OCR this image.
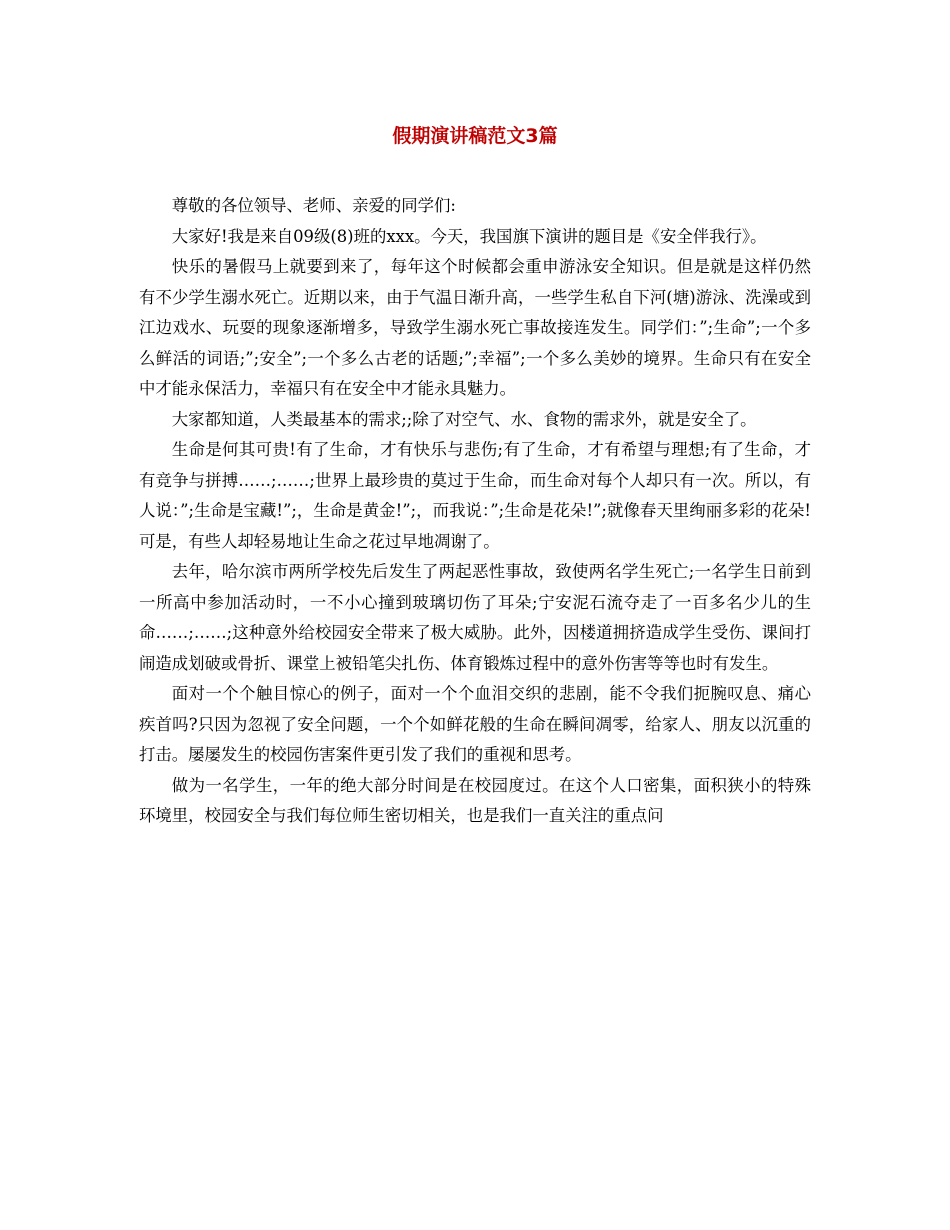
假期演讲稿范文3篇

尊敬的各位领导、老师、亲爱的同学们:

大家好!我是来自09级(8)班的xxx。今天，我国旗下演讲的题目是《安全伴我行》。

快乐的暑假马上就要到来了，每年这个时候都会重申游泳安全知识。但是就是这样仍然有不少学生溺水死亡。近期以来，由于气温日渐升高，一些学生私自下河(塘)游泳、洗澡或到江边戏水、玩耍的现象逐渐增多，导致学生溺水死亡事故接连发生。同学们：”;生命”;一个多么鲜活的词语;”;安全”;一个多么古老的话题;”;幸福”;一个多么美妙的境界。生命只有在安全中才能永保活力，幸福只有在安全中才能永具魅力。

大家都知道，人类最基本的需求;;除了对空气、水、食物的需求外，就是安全了。

生命是何其可贵!有了生命，才有快乐与悲伤;有了生命，才有希望与理想;有了生命，才有竞争与拼搏……;……;世界上最珍贵的莫过于生命，而生命对每个人却只有一次。所以，有人说：”;生命是宝藏!”;，生命是黄金!”;，而我说：”;生命是花朵!”;就像春天里绚丽多彩的花朵!可是，有些人却轻易地让生命之花过早地凋谢了。

去年，哈尔滨市两所学校先后发生了两起恶性事故，致使两名学生死亡;一名学生日前到一所高中参加活动时，一不小心撞到玻璃切伤了耳朵;宁安泥石流夺走了一百多名少儿的生命……;……;这种意外给校园安全带来了极大威胁。此外，因楼道拥挤造成学生受伤、课间打闹造成划破或骨折、课堂上被铅笔尖扎伤、体育锻炼过程中的意外伤害等等也时有发生。

面对一个个触目惊心的例子，面对一个个血泪交织的悲剧，能不令我们扼腕叹息、痛心疾首吗?只因为忽视了安全问题，一个个如鲜花般的生命在瞬间凋零，给家人、朋友以沉重的打击。屡屡发生的校园伤害案件更引发了我们的重视和思考。

做为一名学生，一年的绝大部分时间是在校园度过。在这个人口密集，面积狭小的特殊环境里，校园安全与我们每位师生密切相关，也是我们一直关注的重点问
